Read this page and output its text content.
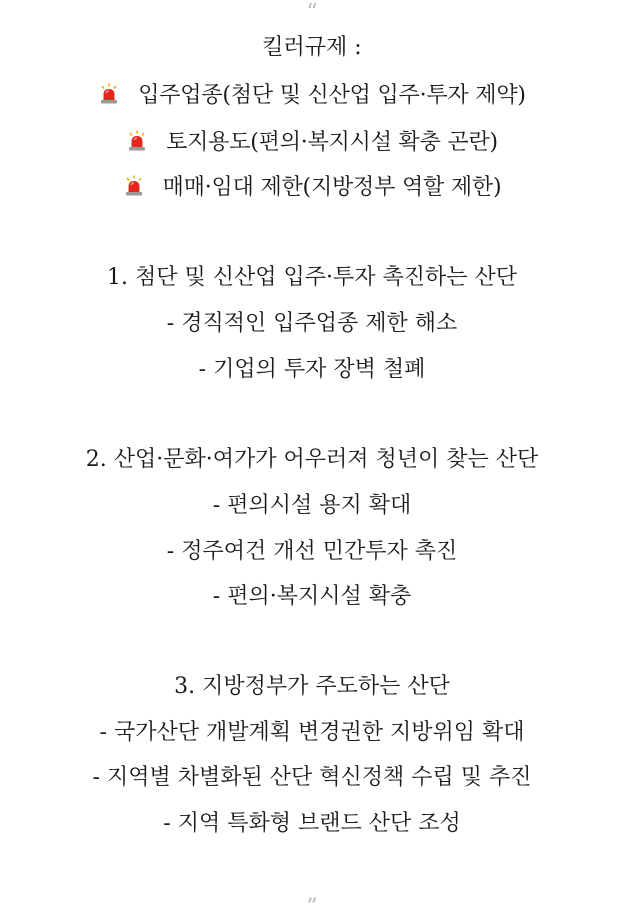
“
킬러규제 :
입주업종(첨단 및 신산업 입주·투자 제약)
토지용도(편의·복지시설 확충 곤란)
매매·임대 제한(지방정부 역할 제한)
1. 첨단 및 신산업 입주·투자 촉진하는 산단
- 경직적인 입주업종 제한 해소
- 기업의 투자 장벽 철폐
2. 산업·문화·여가가 어우러져 청년이 찾는 산단
- 편의시설 용지 확대
- 정주여건 개선 민간투자 촉진
- 편의·복지시설 확충
3. 지방정부가 주도하는 산단
- 국가산단 개발계획 변경권한 지방위임 확대
- 지역별 차별화된 산단 혁신정책 수립 및 추진
- 지역 특화형 브랜드 산단 조성
”
